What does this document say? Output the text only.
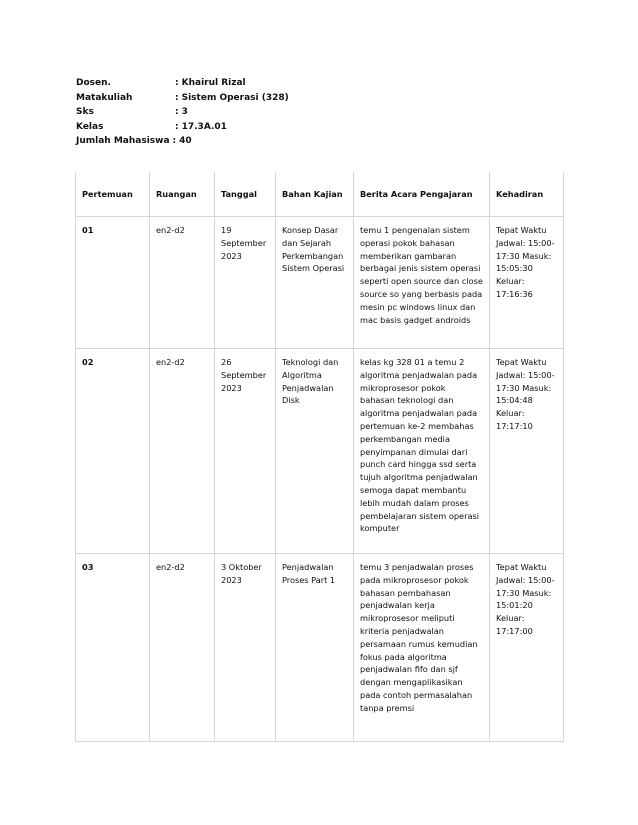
Dosen.	: Khairul Rizal
Matakuliah	: Sistem Operasi (328)
Sks	: 3
Kelas	: 17.3A.01
Jumlah Mahasiswa : 40
Pertemuan	Ruangan	Tanggal	Bahan Kajian	Berita Acara Pengajaran	Kehadiran
01	en2-d2	19 September 2023	Konsep Dasar dan Sejarah Perkembangan Sistem Operasi	temu 1 pengenalan sistem operasi pokok bahasan memberikan gambaran berbagai jenis sistem operasi seperti open source dan close source so yang berbasis pada mesin pc windows linux dan mac basis gadget androids	Tepat Waktu Jadwal: 15:00-17:30 Masuk: 15:05:30 Keluar: 17:16:36
02	en2-d2	26 September 2023	Teknologi dan Algoritma Penjadwalan Disk	kelas kg 328 01 a temu 2 algoritma penjadwalan pada mikroprosesor pokok bahasan teknologi dan algoritma penjadwalan pada pertemuan ke-2 membahas perkembangan media penyimpanan dimulai dari punch card hingga ssd serta tujuh algoritma penjadwalan semoga dapat membantu lebih mudah dalam proses pembelajaran sistem operasi komputer	Tepat Waktu Jadwal: 15:00-17:30 Masuk: 15:04:48 Keluar: 17:17:10
03	en2-d2	3 Oktober 2023	Penjadwalan Proses Part 1	temu 3 penjadwalan proses pada mikroprosesor pokok bahasan pembahasan penjadwalan kerja mikroprosesor meliputi kriteria penjadwalan persamaan rumus kemudian fokus pada algoritma penjadwalan fifo dan sjf dengan mengaplikasikan pada contoh permasalahan tanpa premsi	Tepat Waktu Jadwal: 15:00-17:30 Masuk: 15:01:20 Keluar: 17:17:00
